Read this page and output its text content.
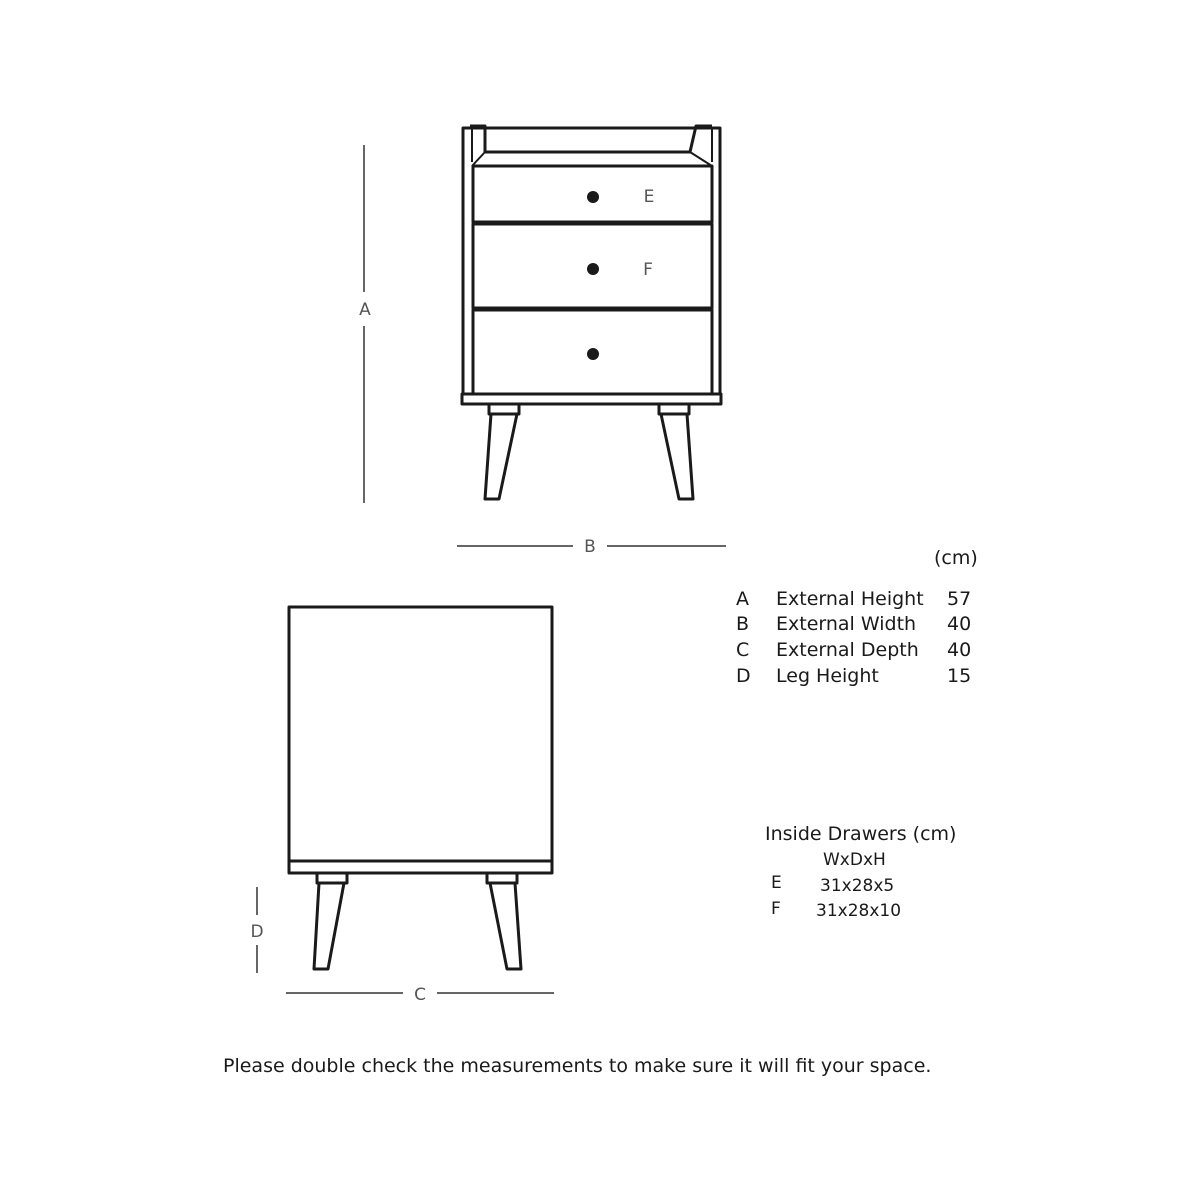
A
B
C
D
E
F
(cm)
A External Height 57
B External Width 40
C External Depth 40
D Leg Height	15
Inside Drawers (cm)
WxDxH
E 31x28x5
F 31x28x10
Please double check the measurements to make sure it will fit your space.
